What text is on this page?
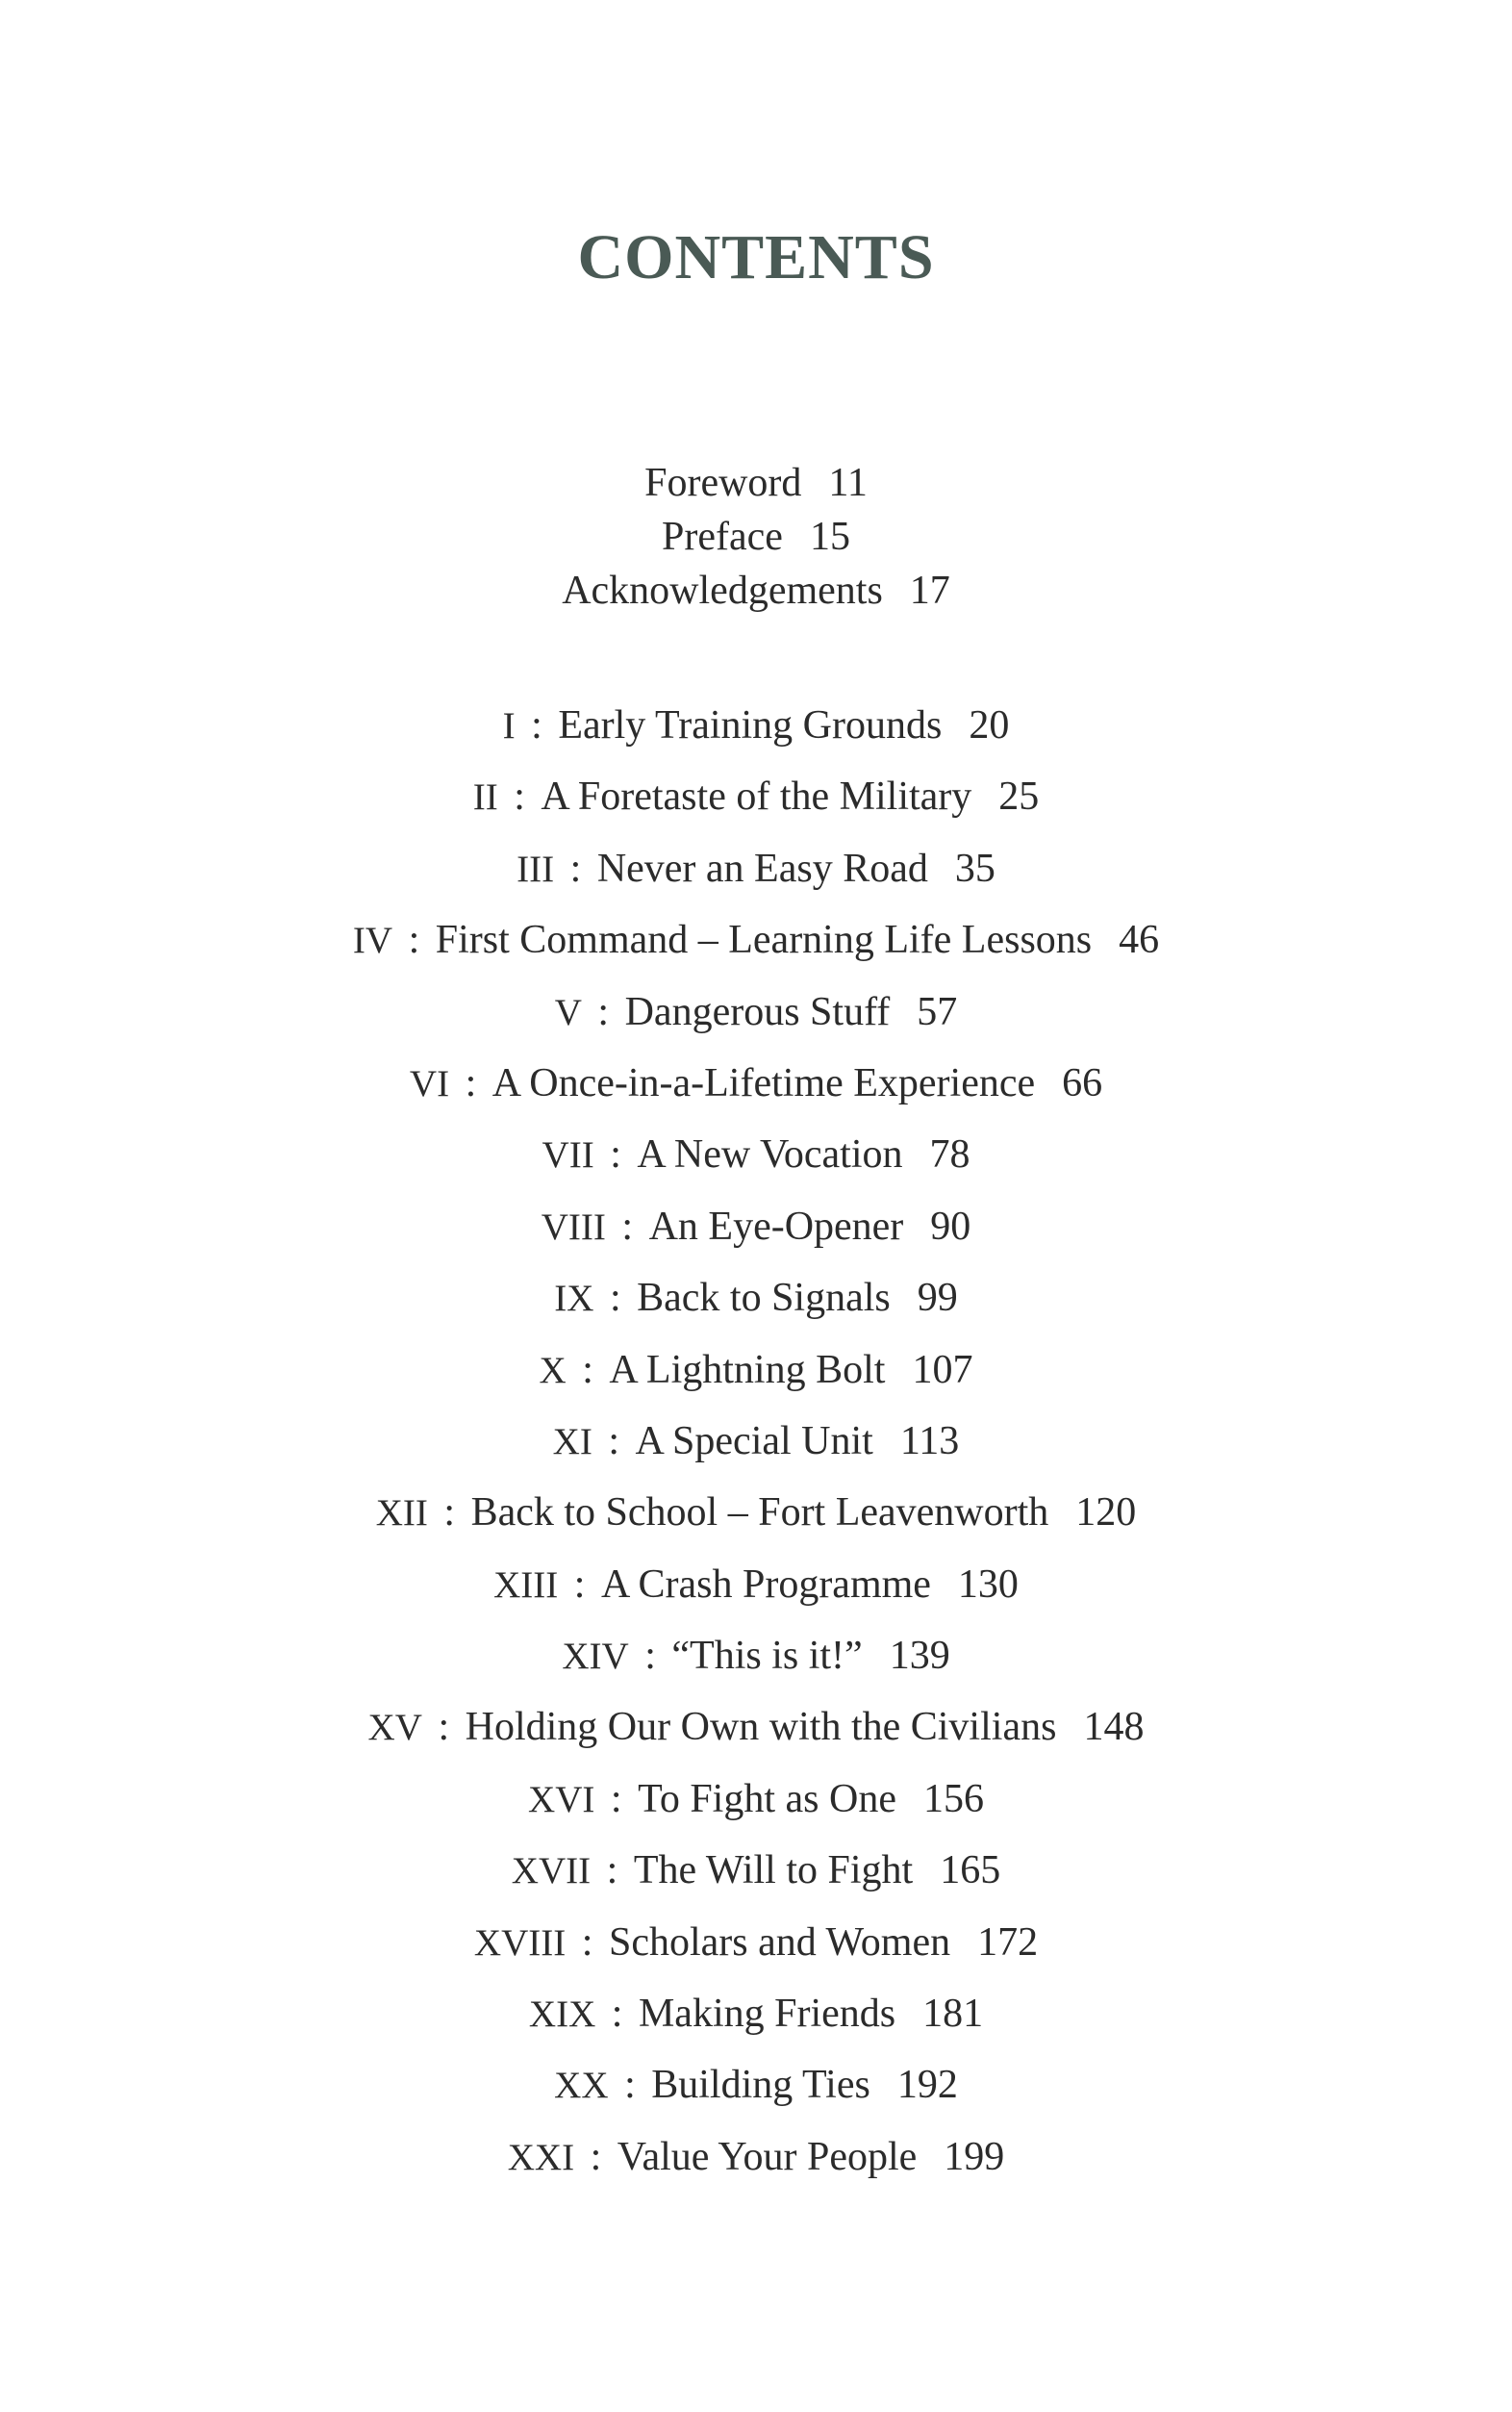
CONTENTS
Foreword 11
Preface 15
Acknowledgements 17
I : Early Training Grounds 20
II : A Foretaste of the Military 25
III : Never an Easy Road 35
IV : First Command – Learning Life Lessons 46
V : Dangerous Stuff 57
VI : A Once-in-a-Lifetime Experience 66
VII : A New Vocation 78
VIII : An Eye-Opener 90
IX : Back to Signals 99
X : A Lightning Bolt 107
XI : A Special Unit 113
XII : Back to School – Fort Leavenworth 120
XIII : A Crash Programme 130
XIV : “This is it!” 139
XV : Holding Our Own with the Civilians 148
XVI : To Fight as One 156
XVII : The Will to Fight 165
XVIII : Scholars and Women 172
XIX : Making Friends 181
XX : Building Ties 192
XXI : Value Your People 199
